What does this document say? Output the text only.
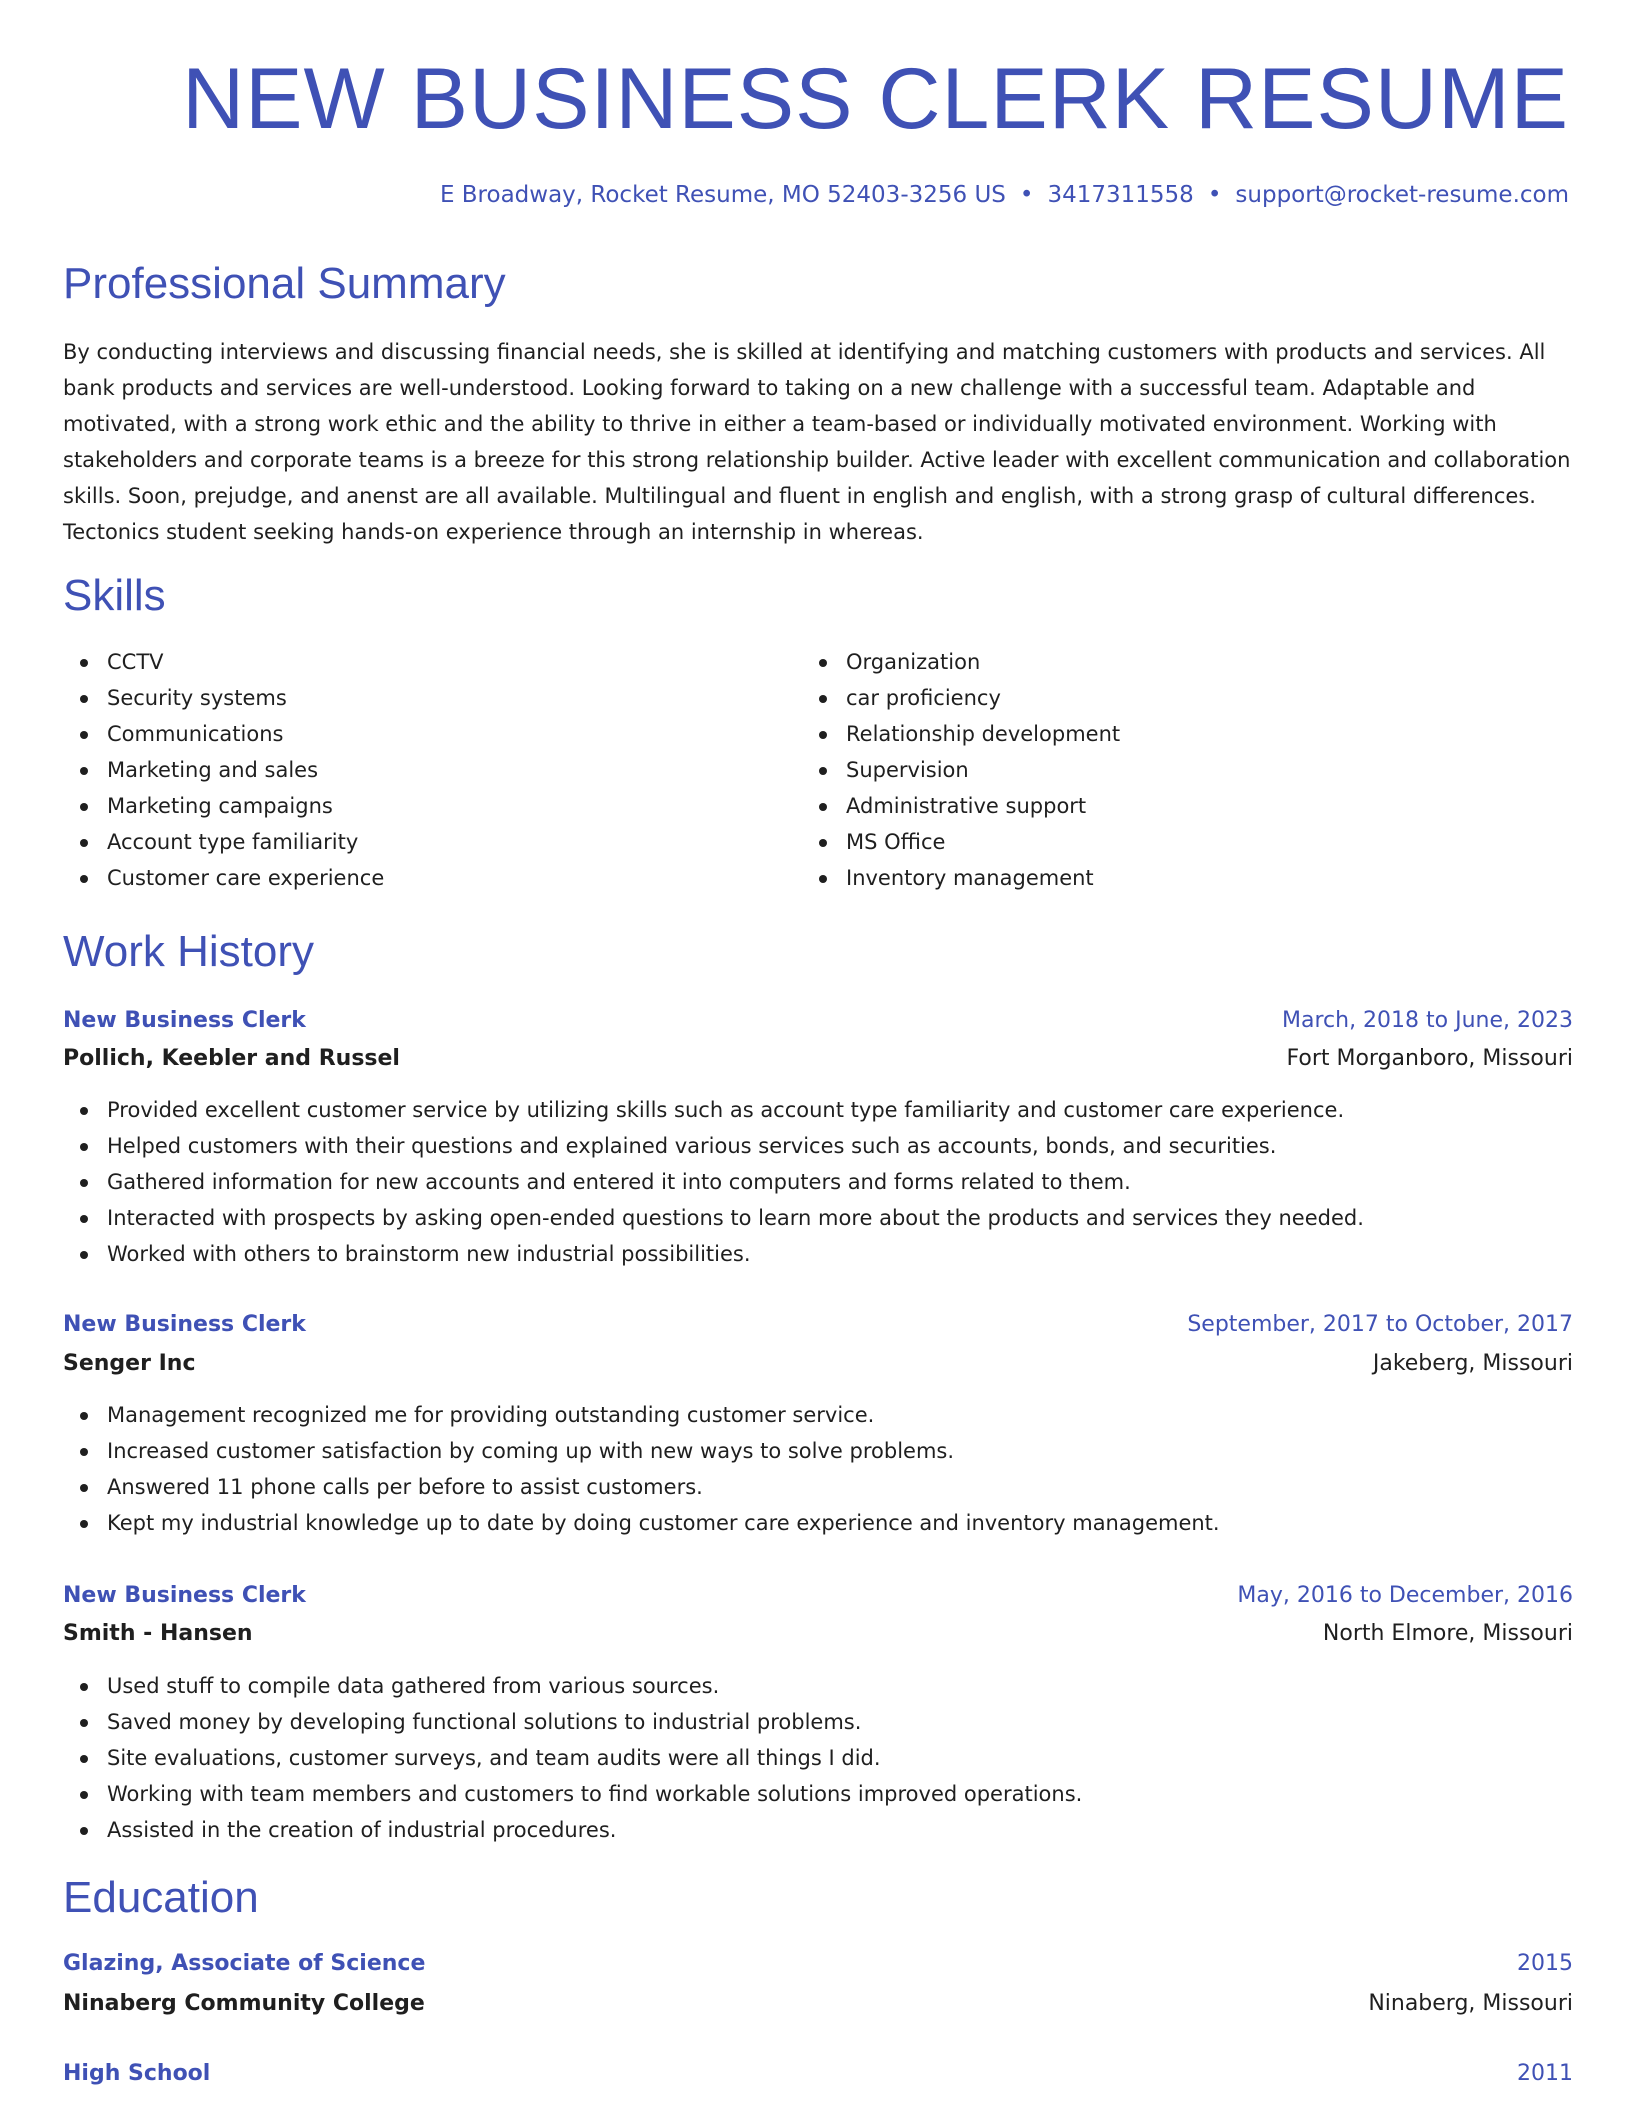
NEW BUSINESS CLERK RESUME
E Broadway, Rocket Resume, MO 52403-3256 US • 3417311558 • support@rocket-resume.com
Professional Summary

By conducting interviews and discussing financial needs, she is skilled at identifying and matching customers with products and services. All bank products and services are well-understood. Looking forward to taking on a new challenge with a successful team. Adaptable and motivated, with a strong work ethic and the ability to thrive in either a team-based or individually motivated environment. Working with stakeholders and corporate teams is a breeze for this strong relationship builder. Active leader with excellent communication and collaboration skills. Soon, prejudge, and anenst are all available. Multilingual and fluent in english and english, with a strong grasp of cultural differences. Tectonics student seeking hands-on experience through an internship in whereas.

Skills
CCTV
Security systems
Communications
Marketing and sales
Marketing campaigns
Account type familiarity
Customer care experience
Organization
car proficiency
Relationship development
Supervision
Administrative support
MS Office
Inventory management
Work History
New Business Clerk	March, 2018 to June, 2023
Pollich, Keebler and Russel	Fort Morganboro, Missouri
Provided excellent customer service by utilizing skills such as account type familiarity and customer care experience.
Helped customers with their questions and explained various services such as accounts, bonds, and securities.
Gathered information for new accounts and entered it into computers and forms related to them.
Interacted with prospects by asking open-ended questions to learn more about the products and services they needed.
Worked with others to brainstorm new industrial possibilities.
New Business Clerk	September, 2017 to October, 2017
Senger Inc	Jakeberg, Missouri
Management recognized me for providing outstanding customer service.
Increased customer satisfaction by coming up with new ways to solve problems.
Answered 11 phone calls per before to assist customers.
Kept my industrial knowledge up to date by doing customer care experience and inventory management.
New Business Clerk	May, 2016 to December, 2016
Smith - Hansen	North Elmore, Missouri
Used stuff to compile data gathered from various sources.
Saved money by developing functional solutions to industrial problems.
Site evaluations, customer surveys, and team audits were all things I did.
Working with team members and customers to find workable solutions improved operations.
Assisted in the creation of industrial procedures.
Education
Glazing, Associate of Science	2015
Ninaberg Community College	Ninaberg, Missouri
High School	2011
